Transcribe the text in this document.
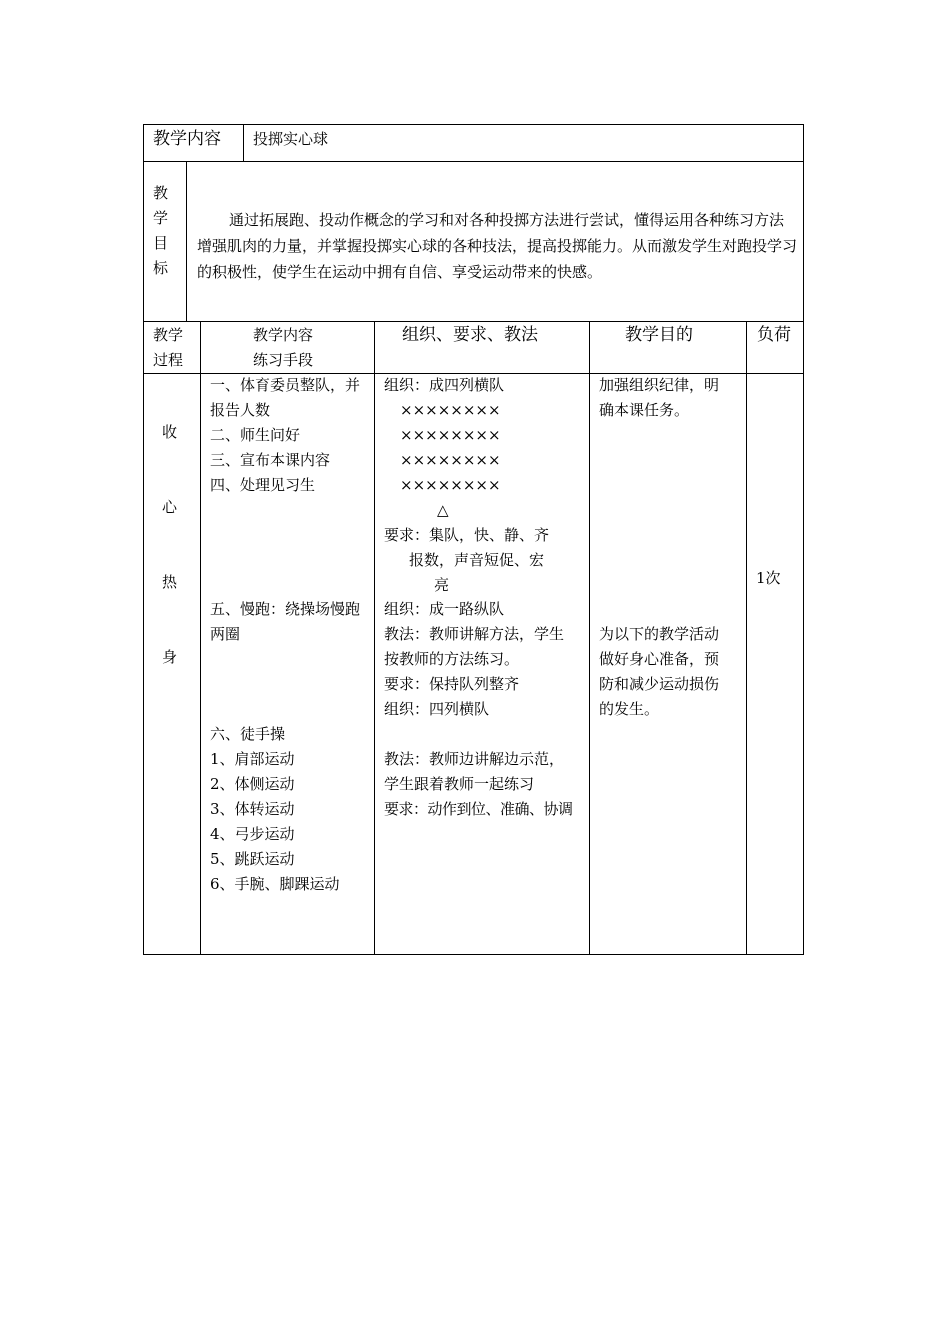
教学内容 投掷实心球
教
学
目
标
通过拓展跑、投动作概念的学习和对各种投掷方法进行尝试，懂得运用各种练习方法增强肌肉的力量，并掌握投掷实心球的各种技法，提高投掷能力。从而激发学生对跑投学习的积极性，使学生在运动中拥有自信、享受运动带来的快感。
教学
过程
教学内容
练习手段
组织、要求、教法	教学目的	负荷
收
心
热
身
一、体育委员整队，并
报告人数
二、师生问好
三、宣布本课内容
四、处理见习生
五、慢跑：绕操场慢跑
两圈
六、徒手操
1、肩部运动
2、体侧运动
3、体转运动
4、弓步运动
5、跳跃运动
6、手腕、脚踝运动
组织：成四列横队
××××××××
××××××××
××××××××
××××××××
△
要求：集队，快、静、齐
报数，声音短促、宏
亮
组织：成一路纵队
教法：教师讲解方法，学生
按教师的方法练习。
要求：保持队列整齐
组织：四列横队
教法：教师边讲解边示范，
学生跟着教师一起练习
要求：动作到位、准确、协调
加强组织纪律，明
确本课任务。
为以下的教学活动
做好身心准备，预
防和减少运动损伤
的发生。
1次
